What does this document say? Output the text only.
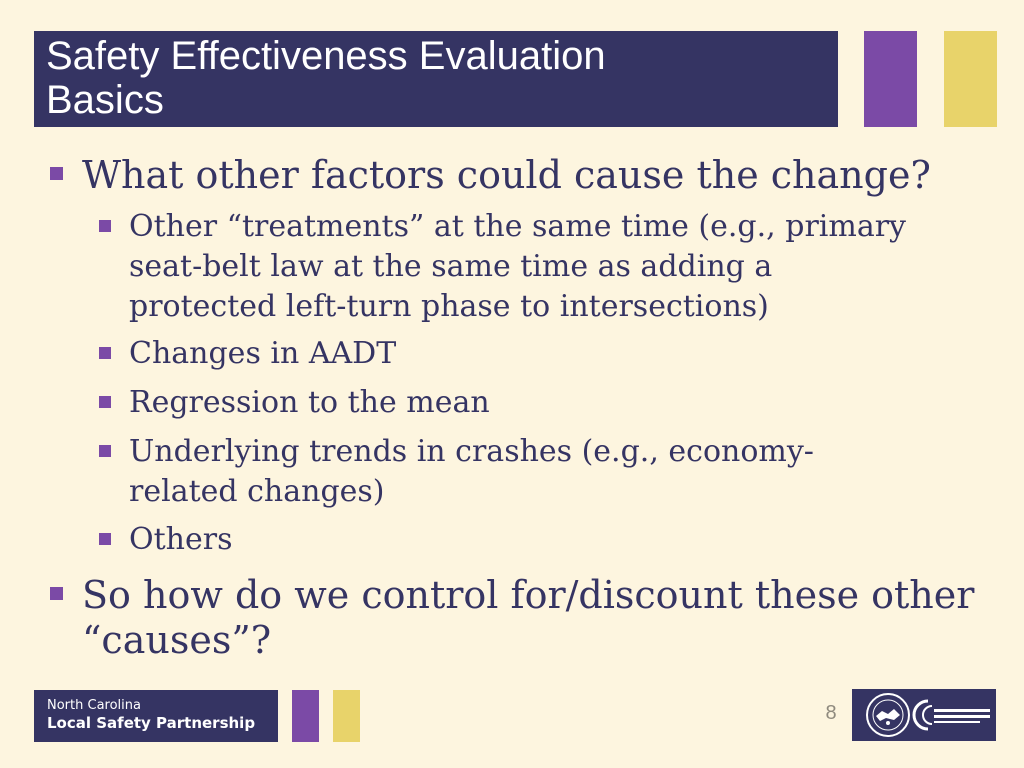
Safety Effectiveness Evaluation
Basics
What other factors could cause the change?
Other “treatments” at the same time (e.g., primary
seat-belt law at the same time as adding a
protected left-turn phase to intersections)
Changes in AADT
Regression to the mean
Underlying trends in crashes (e.g., economy-
related changes)
Others
So how do we control for/discount these other
“causes”?
North Carolina
Local Safety Partnership	8
